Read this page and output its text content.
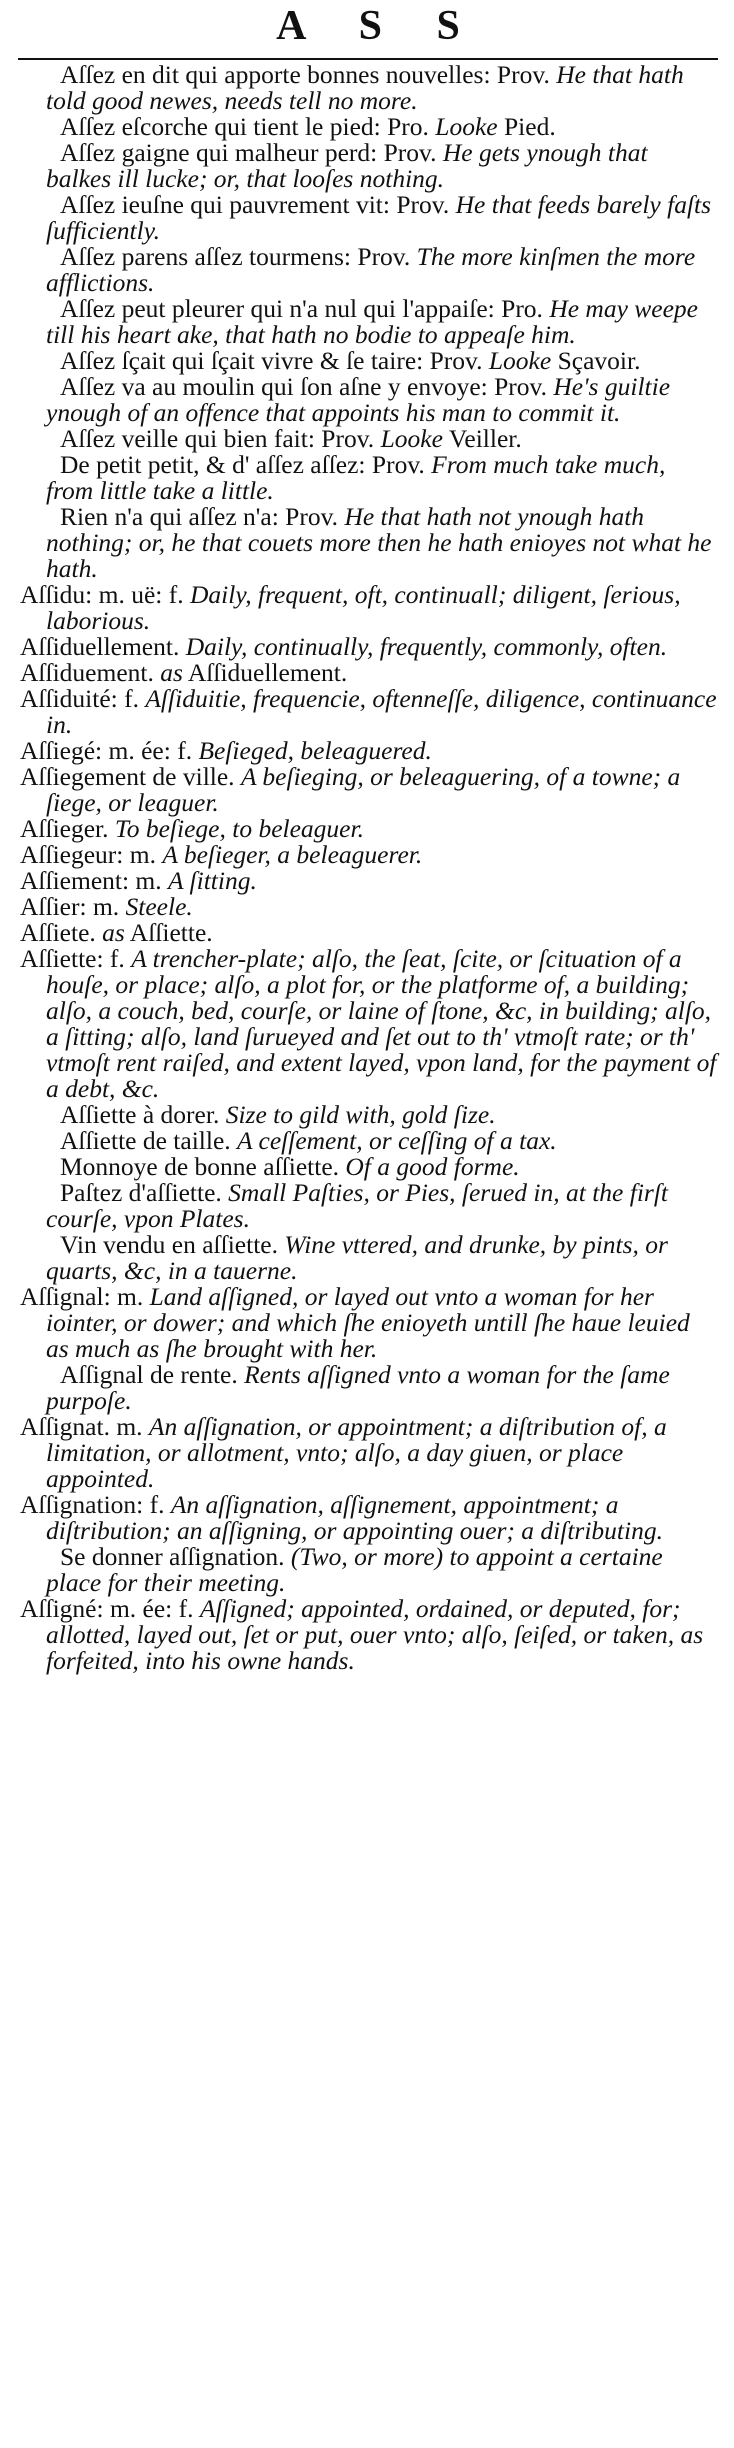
A S S

Aſſez en dit qui apporte bonnes nouvelles: Prov. He that hath told good newes, needs tell no more.

Aſſez eſcorche qui tient le pied: Pro. Looke Pied.

Aſſez gaigne qui malheur perd: Prov. He gets ynough that balkes ill lucke; or, that looſes nothing.

Aſſez ieuſne qui pauvrement vit: Prov. He that feeds barely faſts ſufficiently.

Aſſez parens aſſez tourmens: Prov. The more kinſmen the more afflictions.

Aſſez peut pleurer qui n'a nul qui l'appaiſe: Pro. He may weepe till his heart ake, that hath no bodie to appeaſe him.

Aſſez ſçait qui ſçait vivre & ſe taire: Prov. Looke Sçavoir.

Aſſez va au moulin qui ſon aſne y envoye: Prov. He's guiltie ynough of an offence that appoints his man to commit it.

Aſſez veille qui bien fait: Prov. Looke Veiller.

De petit petit, & d' aſſez aſſez: Prov. From much take much, from little take a little.

Rien n'a qui aſſez n'a: Prov. He that hath not ynough hath nothing; or, he that couets more then he hath enioyes not what he hath.

Aſſidu: m. uë: f. Daily, frequent, oft, continuall; diligent, ſerious, laborious.

Aſſiduellement. Daily, continually, frequently, commonly, often.

Aſſiduement. as Aſſiduellement.

Aſſiduité: f. Aſſiduitie, frequencie, oftenneſſe, diligence, continuance in.

Aſſiegé: m. ée: f. Beſieged, beleaguered.

Aſſiegement de ville. A beſieging, or beleaguering, of a towne; a ſiege, or leaguer.

Aſſieger. To beſiege, to beleaguer.

Aſſiegeur: m. A beſieger, a beleaguerer.

Aſſiement: m. A ſitting.

Aſſier: m. Steele.

Aſſiete. as Aſſiette.

Aſſiette: f. A trencher-plate; alſo, the ſeat, ſcite, or ſcituation of a houſe, or place; alſo, a plot for, or the platforme of, a building; alſo, a couch, bed, courſe, or laine of ſtone, &c, in building; alſo, a ſitting; alſo, land ſurueyed and ſet out to th' vtmoſt rate; or th' vtmoſt rent raiſed, and extent layed, vpon land, for the payment of a debt, &c.

Aſſiette à dorer. Size to gild with, gold ſize.

Aſſiette de taille. A ceſſement, or ceſſing of a tax.

Monnoye de bonne aſſiette. Of a good forme.

Paſtez d'aſſiette. Small Paſties, or Pies, ſerued in, at the firſt courſe, vpon Plates.

Vin vendu en aſſiette. Wine vttered, and drunke, by pints, or quarts, &c, in a tauerne.

Aſſignal: m. Land aſſigned, or layed out vnto a woman for her iointer, or dower; and which ſhe enioyeth untill ſhe haue leuied as much as ſhe brought with her.

Aſſignal de rente. Rents aſſigned vnto a woman for the ſame purpoſe.

Aſſignat. m. An aſſignation, or appointment; a diſtribution of, a limitation, or allotment, vnto; alſo, a day giuen, or place appointed.

Aſſignation: f. An aſſignation, aſſignement, appointment; a diſtribution; an aſſigning, or appointing ouer; a diſtributing.

Se donner aſſignation. (Two, or more) to appoint a certaine place for their meeting.

Aſſigné: m. ée: f. Aſſigned; appointed, ordained, or deputed, for; allotted, layed out, ſet or put, ouer vnto; alſo, ſeiſed, or taken, as forfeited, into his owne hands.
